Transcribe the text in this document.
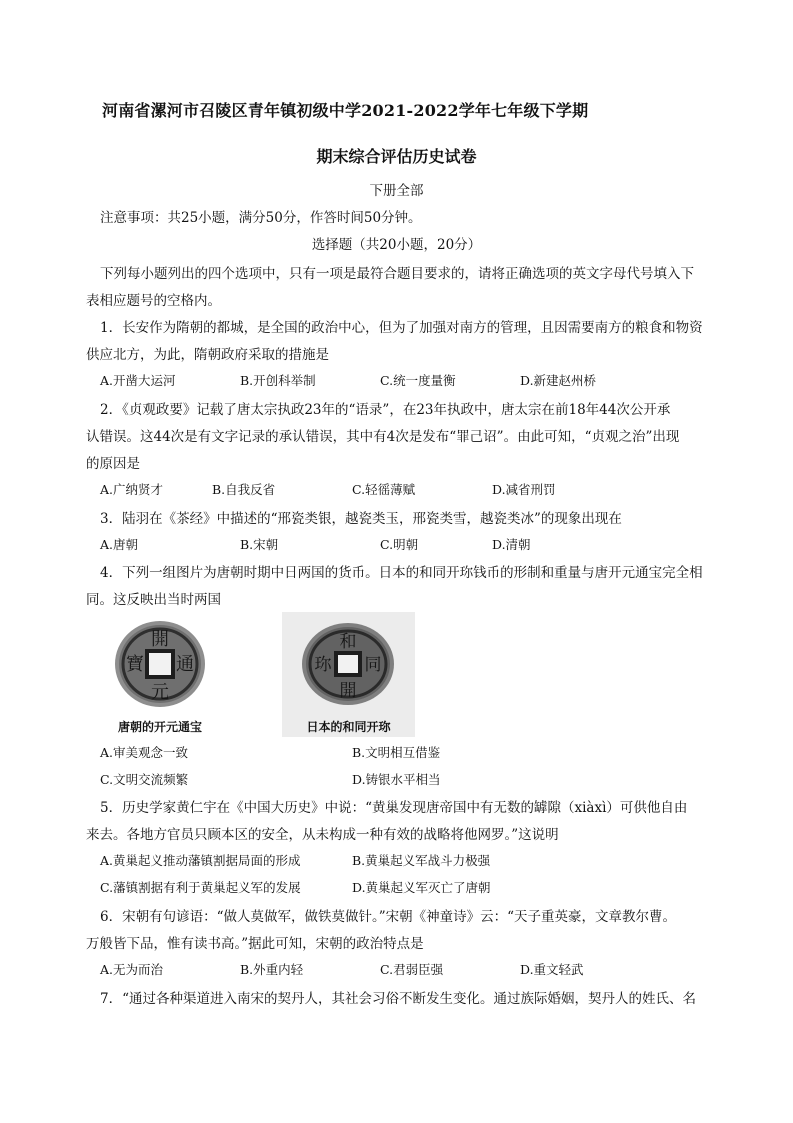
河南省漯河市召陵区青年镇初级中学2021-2022学年七年级下学期
期末综合评估历史试卷
下册全部
注意事项：共25小题，满分50分，作答时间50分钟。
选择题（共20小题，20分）
下列每小题列出的四个选项中，只有一项是最符合题目要求的，请将正确选项的英文字母代号填入下
表相应题号的空格内。
1．长安作为隋朝的都城，是全国的政治中心，但为了加强对南方的管理，且因需要南方的粮食和物资
供应北方，为此，隋朝政府采取的措施是
A.开凿大运河	B.开创科举制	C.统一度量衡	D.新建赵州桥
2．《贞观政要》记载了唐太宗执政23年的“语录”，在23年执政中，唐太宗在前18年44次公开承
认错误。这44次是有文字记录的承认错误，其中有4次是发布“罪己诏”。由此可知，“贞观之治”出现
的原因是
A.广纳贤才	B.自我反省	C.轻徭薄赋	D.减省刑罚
3．陆羽在《茶经》中描述的“邢瓷类银，越瓷类玉，邢瓷类雪，越瓷类冰”的现象出现在
A.唐朝	B.宋朝	C.明朝	D.清朝
4．下列一组图片为唐朝时期中日两国的货币。日本的和同开珎钱币的形制和重量与唐开元通宝完全相
同。这反映出当时两国
開
通
元
寶
唐朝的开元通宝
和
同
開
珎
日本的和同开珎
A.审美观念一致	B.文明相互借鉴
C.文明交流频繁	D.铸银水平相当
5．历史学家黄仁宇在《中国大历史》中说：“黄巢发现唐帝国中有无数的罅隙（xiàxì）可供他自由
来去。各地方官员只顾本区的安全，从未构成一种有效的战略将他网罗。”这说明
A.黄巢起义推动藩镇割据局面的形成	B.黄巢起义军战斗力极强
C.藩镇割据有利于黄巢起义军的发展	D.黄巢起义军灭亡了唐朝
6．宋朝有句谚语：“做人莫做军，做铁莫做针。”宋朝《神童诗》云：“天子重英豪，文章教尔曹。
万般皆下品，惟有读书高。”据此可知，宋朝的政治特点是
A.无为而治	B.外重内轻	C.君弱臣强	D.重文轻武
7．“通过各种渠道进入南宋的契丹人，其社会习俗不断发生变化。通过族际婚姻，契丹人的姓氏、名
